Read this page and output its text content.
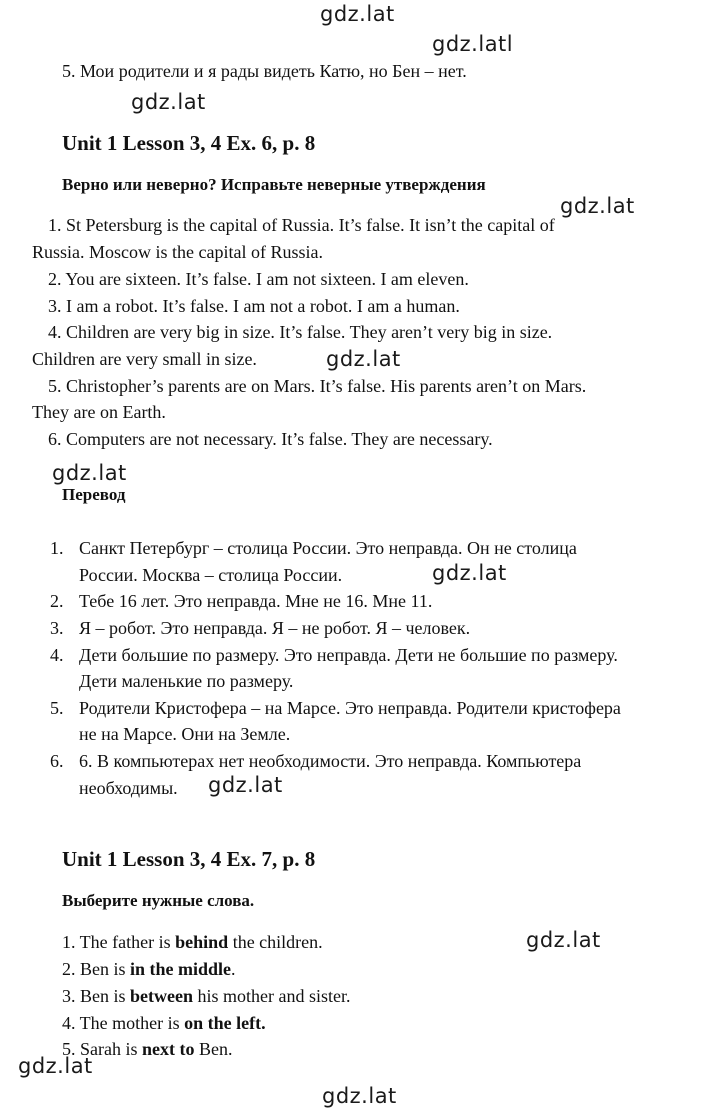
gdz.lat
gdz.latl
gdz.lat
gdz.lat
gdz.lat
gdz.lat
gdz.lat
gdz.lat
gdz.lat
gdz.lat
gdz.lat
5. Мои родители и я рады видеть Катю, но Бен – нет.
Unit 1 Lesson 3, 4 Ex. 6, p. 8
Верно или неверно? Исправьте неверные утверждения
1. St Petersburg is the capital of Russia. It’s false. It isn’t the capital of
Russia. Moscow is the capital of Russia.
2. You are sixteen. It’s false. I am not sixteen. I am eleven.
3. I am a robot. It’s false. I am not a robot. I am a human.
4. Children are very big in size. It’s false. They aren’t very big in size.
Children are very small in size.
5. Christopher’s parents are on Mars. It’s false. His parents aren’t on Mars.
They are on Earth.
6. Computers are not necessary. It’s false. They are necessary.
Перевод
1. Санкт Петербург – столица России. Это неправда. Он не столица
России. Москва – столица России.
2. Тебе 16 лет. Это неправда. Мне не 16. Мне 11.
3. Я – робот. Это неправда. Я – не робот. Я – человек.
4. Дети большие по размеру. Это неправда. Дети не большие по размеру.
Дети маленькие по размеру.
5. Родители Кристофера – на Марсе. Это неправда. Родители кристофера
не на Марсе. Они на Земле.
6. 6. В компьютерах нет необходимости. Это неправда. Компьютера
необходимы.
Unit 1 Lesson 3, 4 Ex. 7, p. 8
Выберите нужные слова.
1. The father is behind the children.
2. Ben is in the middle.
3. Ben is between his mother and sister.
4. The mother is on the left.
5. Sarah is next to Ben.
